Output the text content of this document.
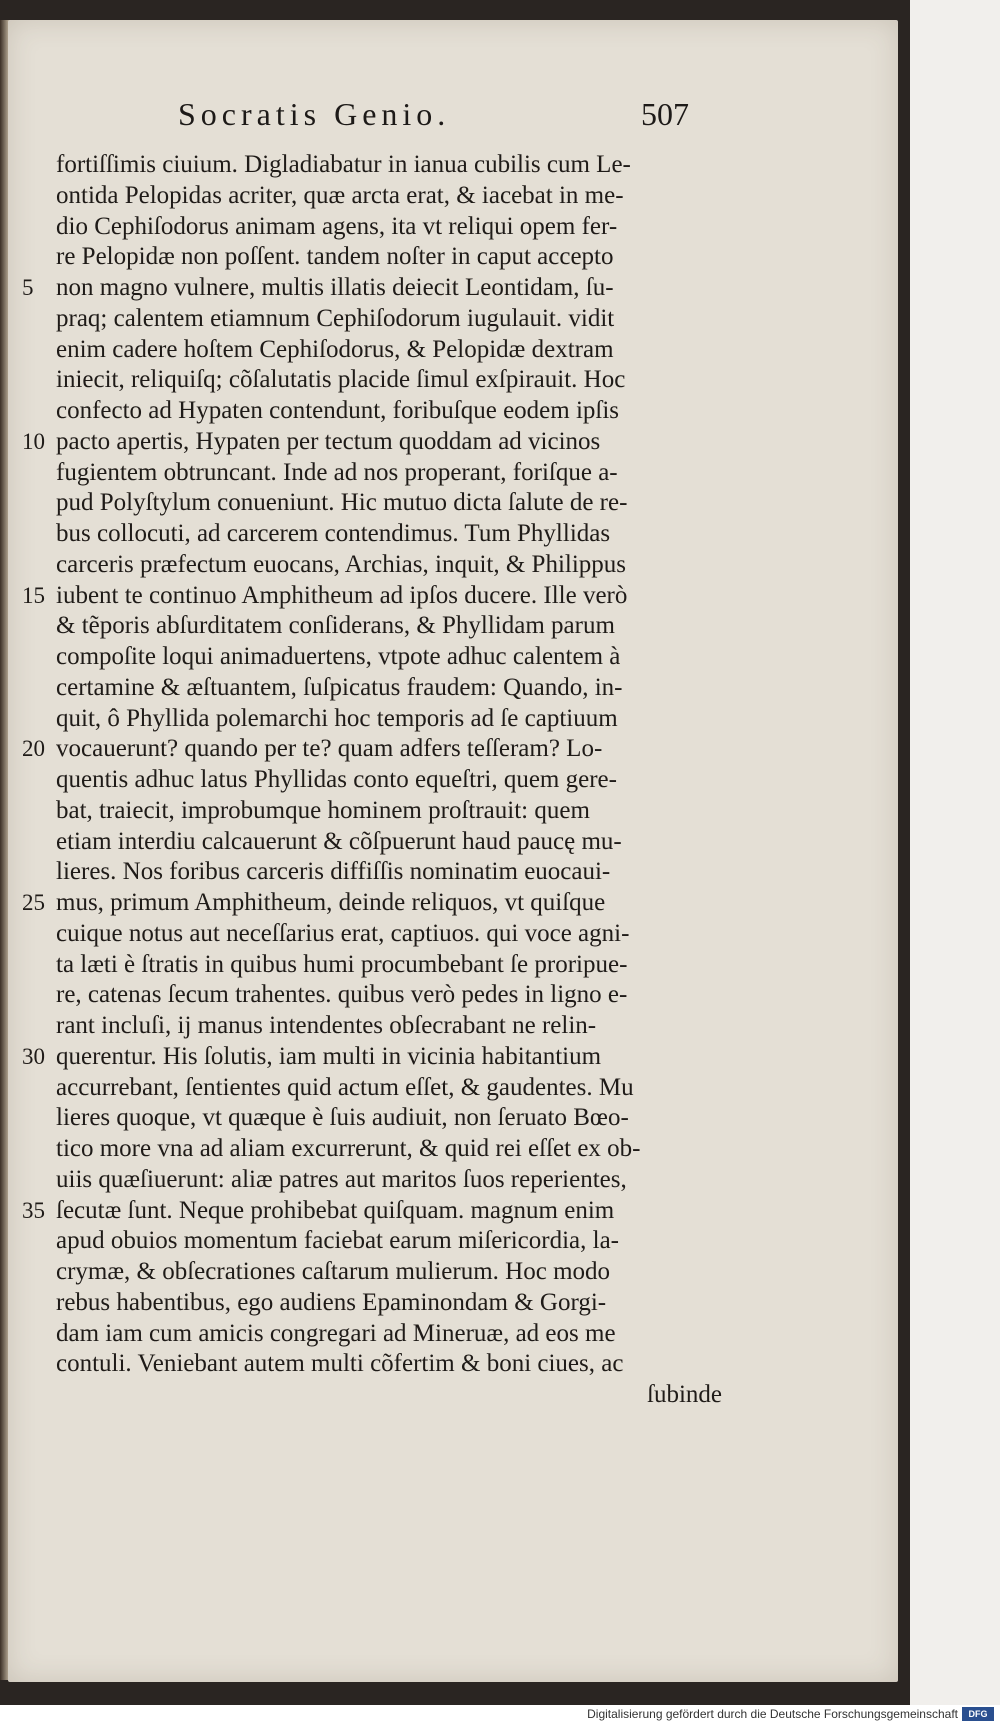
Socratis Genio.	507
fortiſſimis ciuium. Digladiabatur in ianua cubilis cum Le-
ontida Pelopidas acriter, quæ arcta erat, & iacebat in me-
dio Cephiſodorus animam agens, ita vt reliqui opem fer-
re Pelopidæ non poſſent. tandem noſter in caput accepto
5 non magno vulnere, multis illatis deiecit Leontidam, ſu-
praq; calentem etiamnum Cephiſodorum iugulauit. vidit
enim cadere hoſtem Cephiſodorus, & Pelopidæ dextram
iniecit, reliquiſq; cõſalutatis placide ſimul exſpirauit. Hoc
confecto ad Hypaten contendunt, foribuſque eodem ipſis
10 pacto apertis, Hypaten per tectum quoddam ad vicinos
fugientem obtruncant. Inde ad nos properant, foriſque a-
pud Polyſtylum conueniunt. Hic mutuo dicta ſalute de re-
bus collocuti, ad carcerem contendimus. Tum Phyllidas
carceris præfectum euocans, Archias, inquit, & Philippus
15 iubent te continuo Amphitheum ad ipſos ducere. Ille verò
& tẽporis abſurditatem conſiderans, & Phyllidam parum
compoſite loqui animaduertens, vtpote adhuc calentem à
certamine & æſtuantem, ſuſpicatus fraudem: Quando, in-
quit, ô Phyllida polemarchi hoc temporis ad ſe captiuum
20 vocauerunt? quando per te? quam adfers teſſeram? Lo-
quentis adhuc latus Phyllidas conto equeſtri, quem gere-
bat, traiecit, improbumque hominem proſtrauit: quem
etiam interdiu calcauerunt & cõſpuerunt haud paucę mu-
lieres. Nos foribus carceris diffiſſis nominatim euocaui-
25 mus, primum Amphitheum, deinde reliquos, vt quiſque
cuique notus aut neceſſarius erat, captiuos. qui voce agni-
ta læti è ſtratis in quibus humi procumbebant ſe proripue-
re, catenas ſecum trahentes. quibus verò pedes in ligno e-
rant incluſi, ij manus intendentes obſecrabant ne relin-
30 querentur. His ſolutis, iam multi in vicinia habitantium
accurrebant, ſentientes quid actum eſſet, & gaudentes. Mu
lieres quoque, vt quæque è ſuis audiuit, non ſeruato Bœo-
tico more vna ad aliam excurrerunt, & quid rei eſſet ex ob-
uiis quæſiuerunt: aliæ patres aut maritos ſuos reperientes,
35 ſecutæ ſunt. Neque prohibebat quiſquam. magnum enim
apud obuios momentum faciebat earum miſericordia, la-
crymæ, & obſecrationes caſtarum mulierum. Hoc modo
rebus habentibus, ego audiens Epaminondam & Gorgi-
dam iam cum amicis congregari ad Mineruæ, ad eos me
contuli. Veniebant autem multi cõfertim & boni ciues, ac
ſubinde
Digitalisierung gefördert durch die Deutsche Forschungsgemeinschaft	DFG
